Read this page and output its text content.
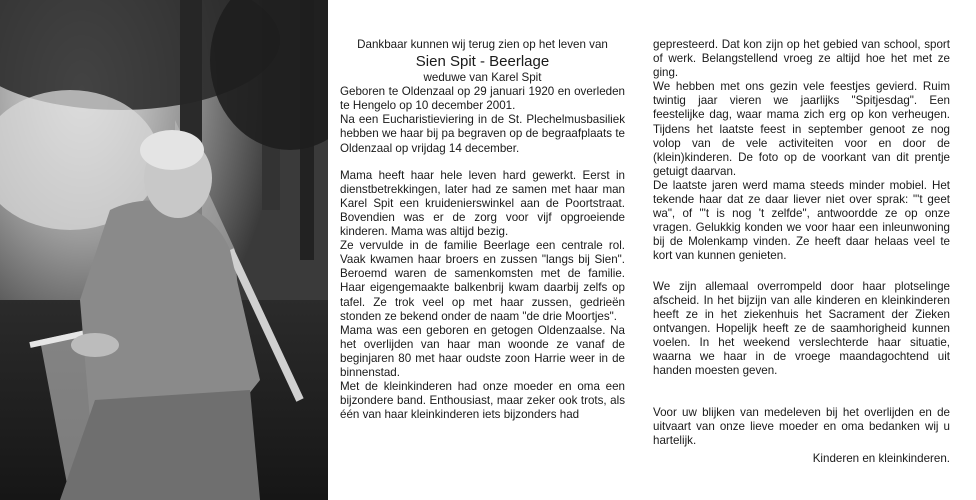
Dankbaar kunnen wij terug zien op het leven van

Sien Spit - Beerlage

weduwe van Karel Spit

Geboren te Oldenzaal op 29 januari 1920 en overleden te Hengelo op 10 december 2001.

Na een Eucharistieviering in de St. Plechelmusbasiliek hebben we haar bij pa begraven op de begraafplaats te Oldenzaal op vrijdag 14 december.

Mama heeft haar hele leven hard gewerkt. Eerst in dienstbetrekkingen, later had ze samen met haar man Karel Spit een kruidenierswinkel aan de Poortstraat. Bovendien was er de zorg voor vijf opgroeiende kinderen. Mama was altijd bezig.

Ze vervulde in de familie Beerlage een centrale rol. Vaak kwamen haar broers en zussen "langs bij Sien". Beroemd waren de samenkomsten met de familie. Haar eigengemaakte balkenbrij kwam daarbij zelfs op tafel. Ze trok veel op met haar zussen, gedrieën stonden ze bekend onder de naam "de drie Moortjes".

Mama was een geboren en getogen Oldenzaalse. Na het overlijden van haar man woonde ze vanaf de beginjaren 80 met haar oudste zoon Harrie weer in de binnenstad.

Met de kleinkinderen had onze moeder en oma een bijzondere band. Enthousiast, maar zeker ook trots, als één van haar kleinkinderen iets bijzonders had

gepresteerd. Dat kon zijn op het gebied van school, sport of werk. Belangstellend vroeg ze altijd hoe het met ze ging.

We hebben met ons gezin vele feestjes gevierd. Ruim twintig jaar vieren we jaarlijks "Spitjesdag". Een feestelijke dag, waar mama zich erg op kon verheugen. Tijdens het laatste feest in september genoot ze nog volop van de vele activiteiten voor en door de (klein)kinderen. De foto op de voorkant van dit prentje getuigt daarvan.

De laatste jaren werd mama steeds minder mobiel. Het tekende haar dat ze daar liever niet over sprak: "'t geet wa", of "'t is nog 't zelfde", antwoordde ze op onze vragen. Gelukkig konden we voor haar een inleunwoning bij de Molenkamp vinden. Ze heeft daar helaas veel te kort van kunnen genieten.

We zijn allemaal overrompeld door haar plotselinge afscheid. In het bijzijn van alle kinderen en kleinkinderen heeft ze in het ziekenhuis het Sacrament der Zieken ontvangen. Hopelijk heeft ze de saamhorigheid kunnen voelen. In het weekend verslechterde haar situatie, waarna we haar in de vroege maandagochtend uit handen moesten geven.

Voor uw blijken van medeleven bij het overlijden en de uitvaart van onze lieve moeder en oma bedanken wij u hartelijk.

Kinderen en kleinkinderen.
